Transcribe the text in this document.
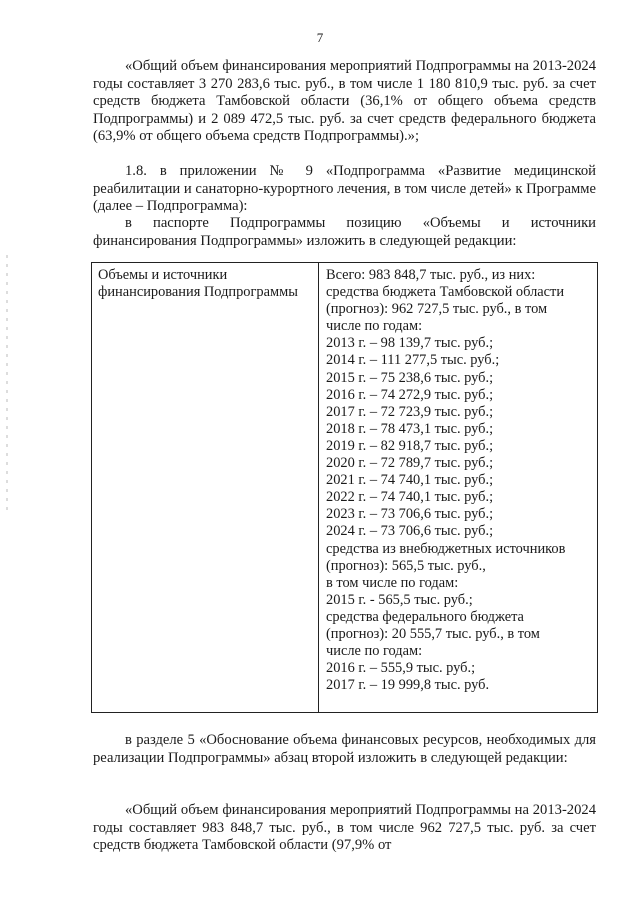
7

«Общий объем финансирования мероприятий Подпрограммы на 2013-2024 годы составляет 3 270 283,6 тыс. руб., в том числе 1 180 810,9 тыс. руб. за счет средств бюджета Тамбовской области (36,1% от общего объема средств Подпрограммы) и 2 089 472,5 тыс. руб. за счет средств федерального бюджета (63,9% от общего объема средств Подпрограммы).»;

1.8. в приложении № 9 «Подпрограмма «Развитие медицинской реабилитации и санаторно-курортного лечения, в том числе детей» к Программе (далее – Подпрограмма):

в паспорте Подпрограммы позицию «Объемы и источники финансирования Подпрограммы» изложить в следующей редакции:

Объемы и источники финансирования Подпрограммы
Всего: 983 848,7 тыс. руб., из них:
средства бюджета Тамбовской области
(прогноз): 962 727,5 тыс. руб., в том
числе по годам:
2013 г. – 98 139,7 тыс. руб.;
2014 г. – 111 277,5 тыс. руб.;
2015 г. – 75 238,6 тыс. руб.;
2016 г. – 74 272,9 тыс. руб.;
2017 г. – 72 723,9 тыс. руб.;
2018 г. – 78 473,1 тыс. руб.;
2019 г. – 82 918,7 тыс. руб.;
2020 г. – 72 789,7 тыс. руб.;
2021 г. – 74 740,1 тыс. руб.;
2022 г. – 74 740,1 тыс. руб.;
2023 г. – 73 706,6 тыс. руб.;
2024 г. – 73 706,6 тыс. руб.;
средства из внебюджетных источников
(прогноз): 565,5 тыс. руб.,
в том числе по годам:
2015 г. - 565,5 тыс. руб.;
средства федерального бюджета
(прогноз): 20 555,7 тыс. руб., в том
числе по годам:
2016 г. – 555,9 тыс. руб.;
2017 г. – 19 999,8 тыс. руб.

в разделе 5 «Обоснование объема финансовых ресурсов, необходимых для реализации Подпрограммы» абзац второй изложить в следующей редакции:

«Общий объем финансирования мероприятий Подпрограммы на 2013-2024 годы составляет 983 848,7 тыс. руб., в том числе 962 727,5 тыс. руб. за счет средств бюджета Тамбовской области (97,9% от
